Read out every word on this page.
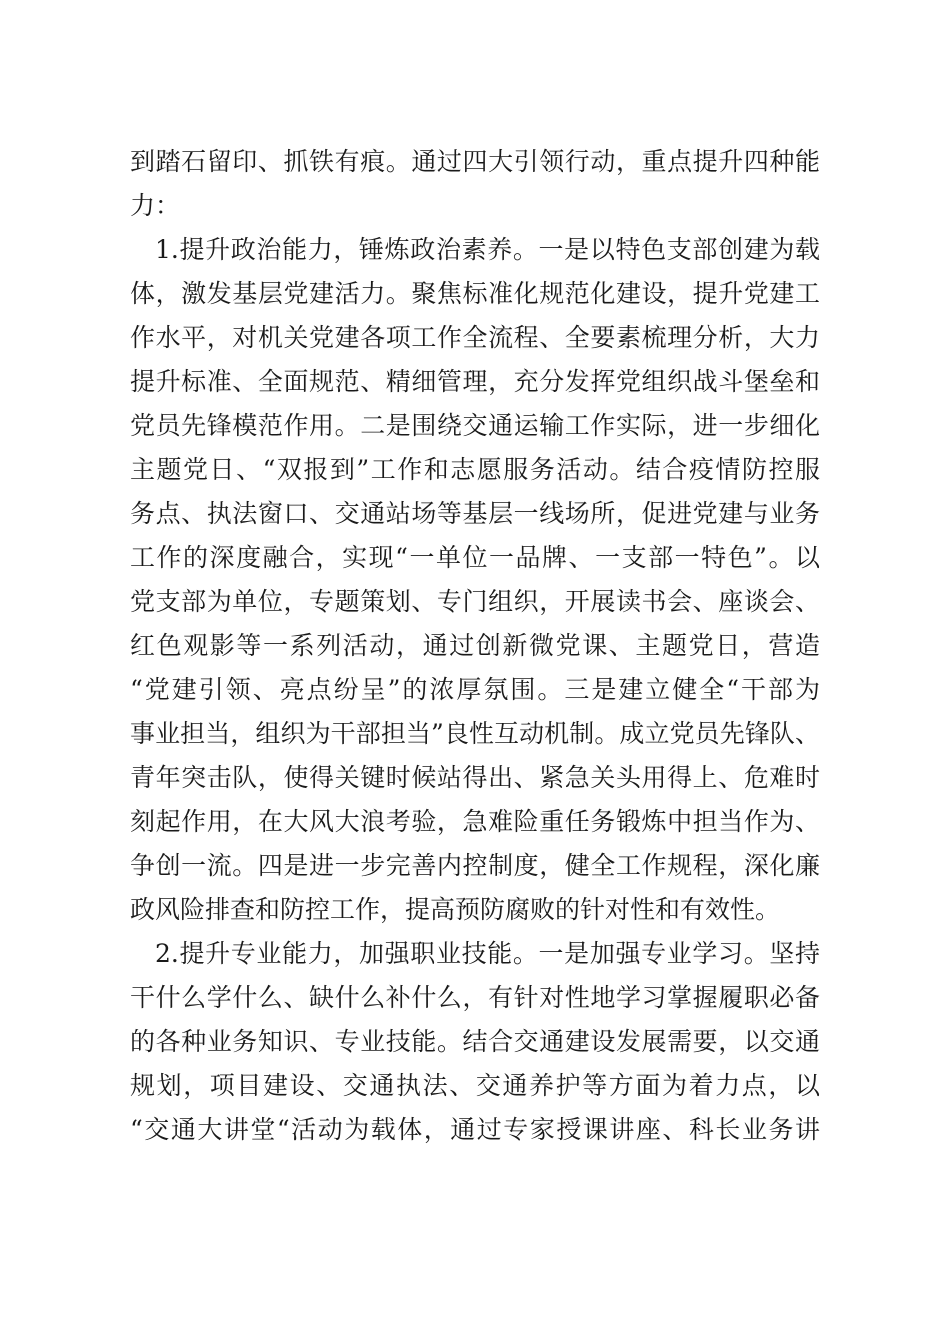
到踏石留印、抓铁有痕。通过四大引领行动，重点提升四种能
力：
1.提升政治能力，锤炼政治素养。一是以特色支部创建为载
体，激发基层党建活力。聚焦标准化规范化建设，提升党建工
作水平，对机关党建各项工作全流程、全要素梳理分析，大力
提升标准、全面规范、精细管理，充分发挥党组织战斗堡垒和
党员先锋模范作用。二是围绕交通运输工作实际，进一步细化
主题党日、“双报到”工作和志愿服务活动。结合疫情防控服
务点、执法窗口、交通站场等基层一线场所，促进党建与业务
工作的深度融合，实现“一单位一品牌、一支部一特色”。以
党支部为单位，专题策划、专门组织，开展读书会、座谈会、
红色观影等一系列活动，通过创新微党课、主题党日，营造
“党建引领、亮点纷呈”的浓厚氛围。三是建立健全“干部为
事业担当，组织为干部担当”良性互动机制。成立党员先锋队、
青年突击队，使得关键时候站得出、紧急关头用得上、危难时
刻起作用，在大风大浪考验，急难险重任务锻炼中担当作为、
争创一流。四是进一步完善内控制度，健全工作规程，深化廉
政风险排查和防控工作，提高预防腐败的针对性和有效性。
2.提升专业能力，加强职业技能。一是加强专业学习。坚持
干什么学什么、缺什么补什么，有针对性地学习掌握履职必备
的各种业务知识、专业技能。结合交通建设发展需要，以交通
规划，项目建设、交通执法、交通养护等方面为着力点，以
“交通大讲堂“活动为载体，通过专家授课讲座、科长业务讲
